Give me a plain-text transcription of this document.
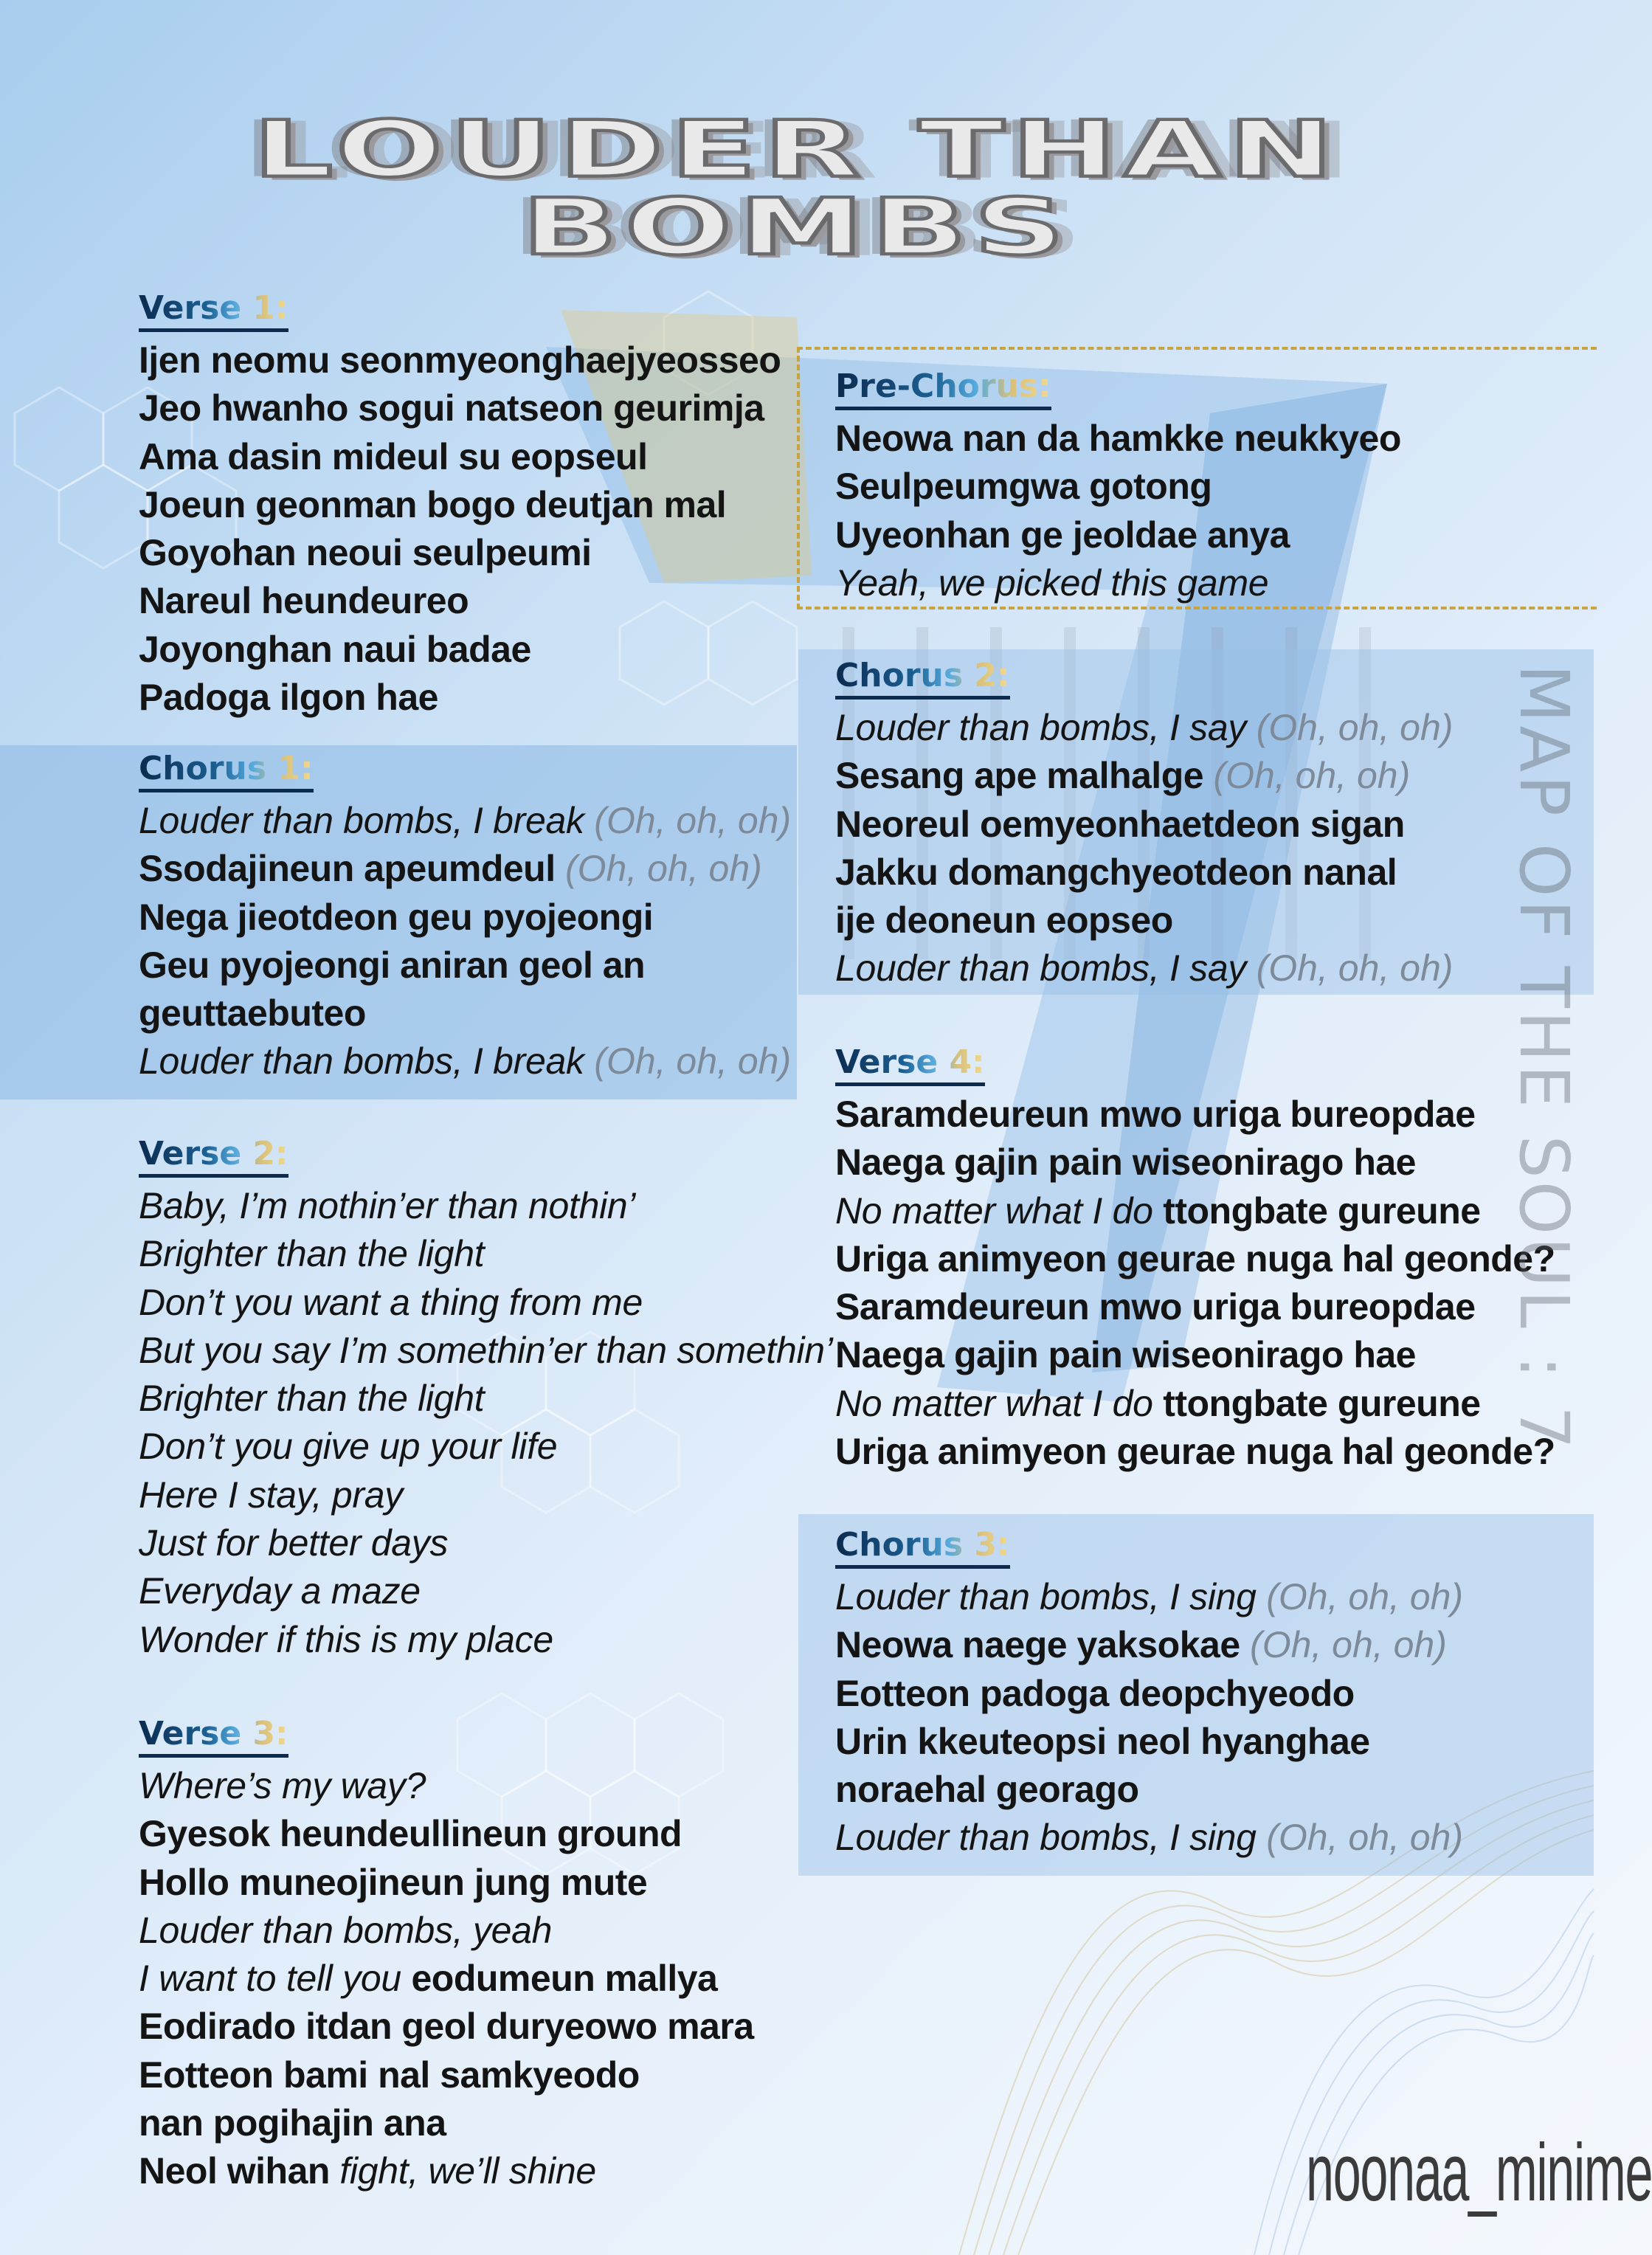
LOUDER THAN BOMBS
Verse 1:
Ijen neomu seonmyeonghaejyeosseo
Jeo hwanho sogui natseon geurimja
Ama dasin mideul su eopseul
Joeun geonman bogo deutjan mal
Goyohan neoui seulpeumi
Nareul heundeureo
Joyonghan naui badae
Padoga ilgon hae
Chorus 1:
Louder than bombs, I break (Oh, oh, oh)
Ssodajineun apeumdeul (Oh, oh, oh)
Nega jieotdeon geu pyojeongi
Geu pyojeongi aniran geol an
geuttaebuteo
Louder than bombs, I break (Oh, oh, oh)
Verse 2:
Baby, I’m nothin’er than nothin’
Brighter than the light
Don’t you want a thing from me
But you say I’m somethin’er than somethin’
Brighter than the light
Don’t you give up your life
Here I stay, pray
Just for better days
Everyday a maze
Wonder if this is my place
Verse 3:
Where’s my way?
Gyesok heundeullineun ground
Hollo muneojineun jung mute
Louder than bombs, yeah
I want to tell you eodumeun mallya
Eodirado itdan geol duryeowo mara
Eotteon bami nal samkyeodo
nan pogihajin ana
Neol wihan fight, we’ll shine
Pre-Chorus:
Neowa nan da hamkke neukkyeo
Seulpeumgwa gotong
Uyeonhan ge jeoldae anya
Yeah, we picked this game
Chorus 2:
Louder than bombs, I say (Oh, oh, oh)
Sesang ape malhalge (Oh, oh, oh)
Neoreul oemyeonhaetdeon sigan
Jakku domangchyeotdeon nanal
ije deoneun eopseo
Louder than bombs, I say (Oh, oh, oh)
Verse 4:
Saramdeureun mwo uriga bureopdae
Naega gajin pain wiseonirago hae
No matter what I do ttongbate gureune
Uriga animyeon geurae nuga hal geonde?
Saramdeureun mwo uriga bureopdae
Naega gajin pain wiseonirago hae
No matter what I do ttongbate gureune
Uriga animyeon geurae nuga hal geonde?
Chorus 3:
Louder than bombs, I sing (Oh, oh, oh)
Neowa naege yaksokae (Oh, oh, oh)
Eotteon padoga deopchyeodo
Urin kkeuteopsi neol hyanghae
noraehal georago
Louder than bombs, I sing (Oh, oh, oh)
MAP OF THE SOUL : 7
noonaa_minime
